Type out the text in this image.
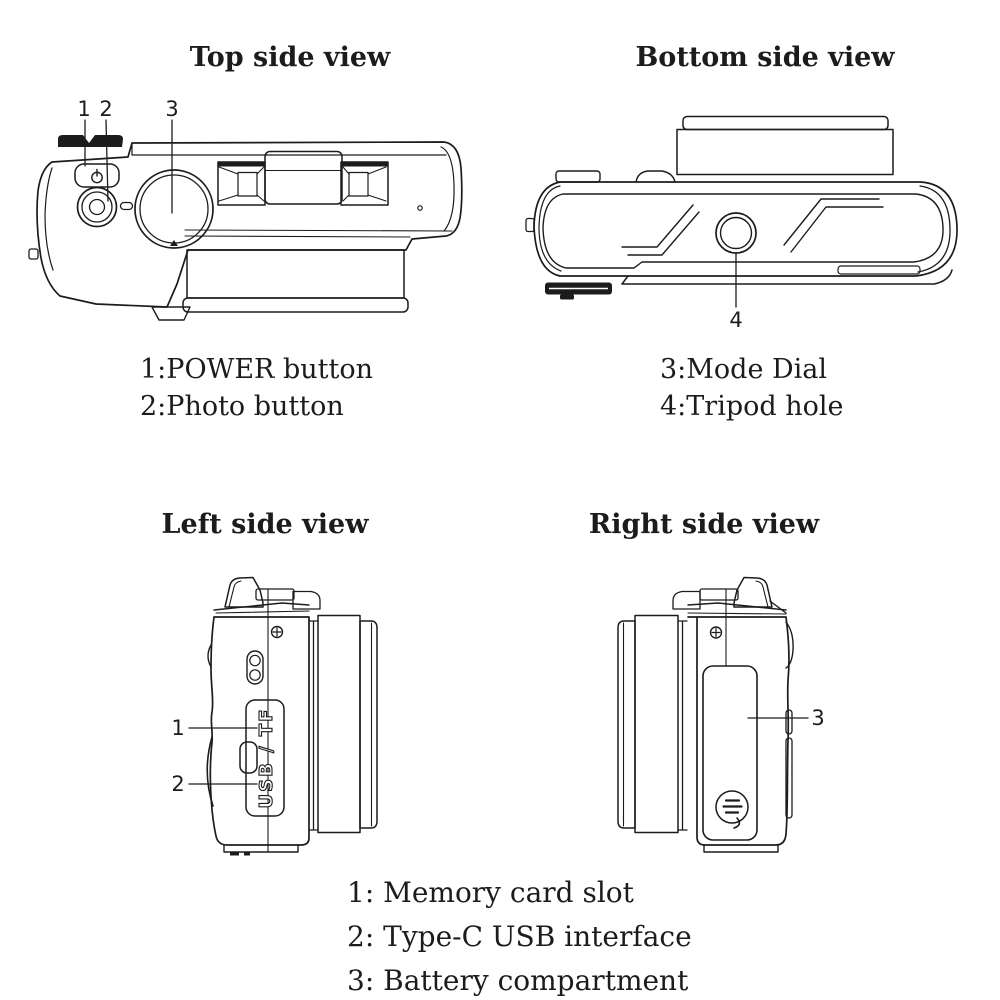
Top side view	Bottom side view
Left side view	Right side view
1 2	3
4
USB / TF
1
2
3
1:POWER button
2:Photo button
3:Mode Dial
4:Tripod hole
1: Memory card slot
2: Type-C USB interface
3: Battery compartment
